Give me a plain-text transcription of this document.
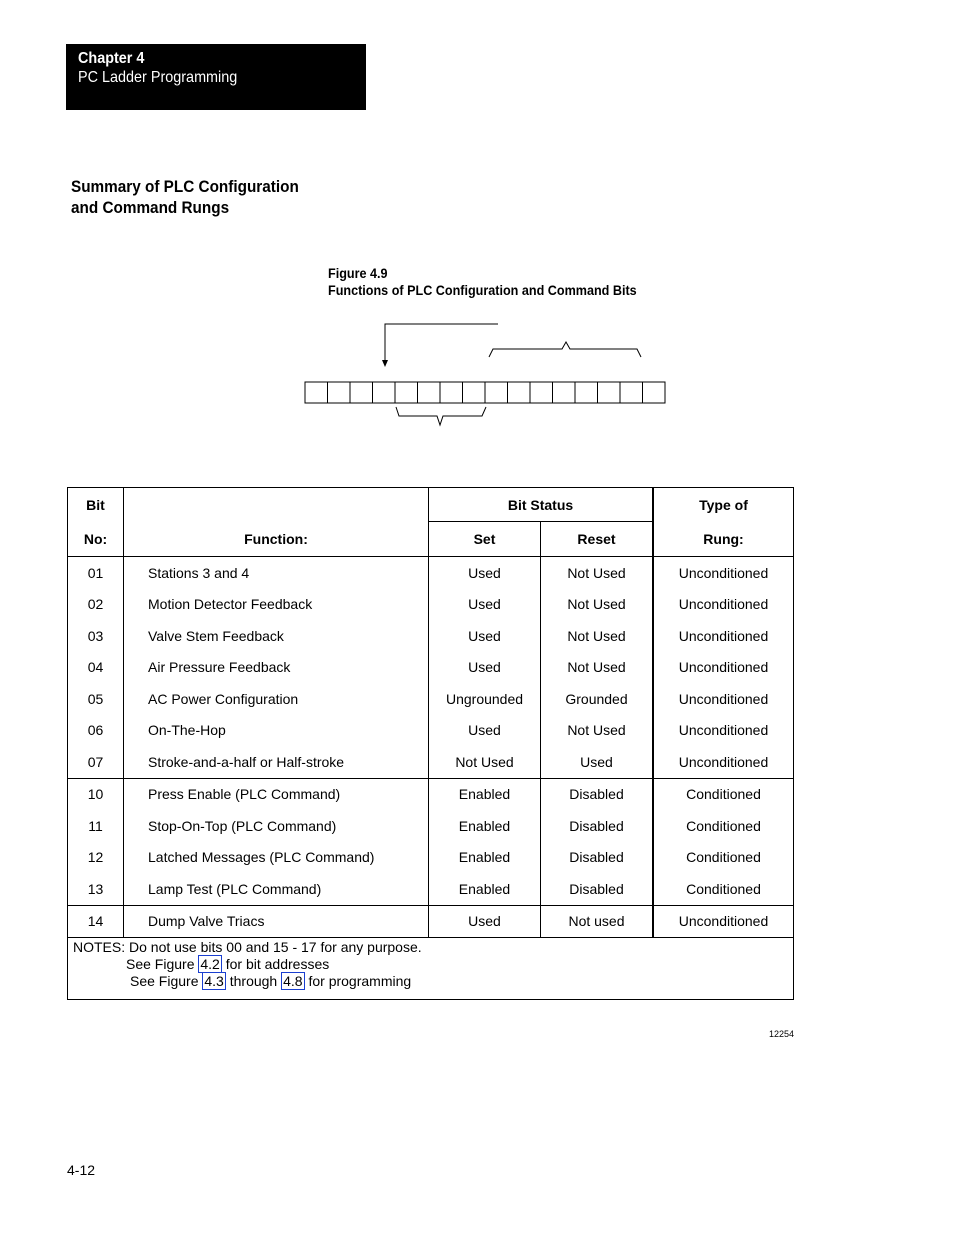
Chapter 4
PC Ladder Programming
Summary of PLC Configuration
and Command Rungs
Figure 4.9
Functions of PLC Configuration and Command Bits
Bit		Bit Status		Type of
No:	Function:	Set	Reset	Rung:
01	Stations 3 and 4	Used	Not Used	Unconditioned
02	Motion Detector Feedback	Used	Not Used	Unconditioned
03	Valve Stem Feedback	Used	Not Used	Unconditioned
04	Air Pressure Feedback	Used	Not Used	Unconditioned
05	AC Power Configuration	Ungrounded	Grounded	Unconditioned
06	On-The-Hop	Used	Not Used	Unconditioned
07	Stroke-and-a-half or Half-stroke	Not Used	Used	Unconditioned
10	Press Enable (PLC Command)	Enabled	Disabled	Conditioned
11	Stop-On-Top (PLC Command)	Enabled	Disabled	Conditioned
12	Latched Messages (PLC Command)	Enabled	Disabled	Conditioned
13	Lamp Test (PLC Command)	Enabled	Disabled	Conditioned
14	Dump Valve Triacs	Used	Not used	Unconditioned
NOTES: Do not use bits 00 and 15 - 17 for any purpose.
See Figure 4.2 for bit addresses
See Figure 4.3 through 4.8 for programming
12254
4-12
